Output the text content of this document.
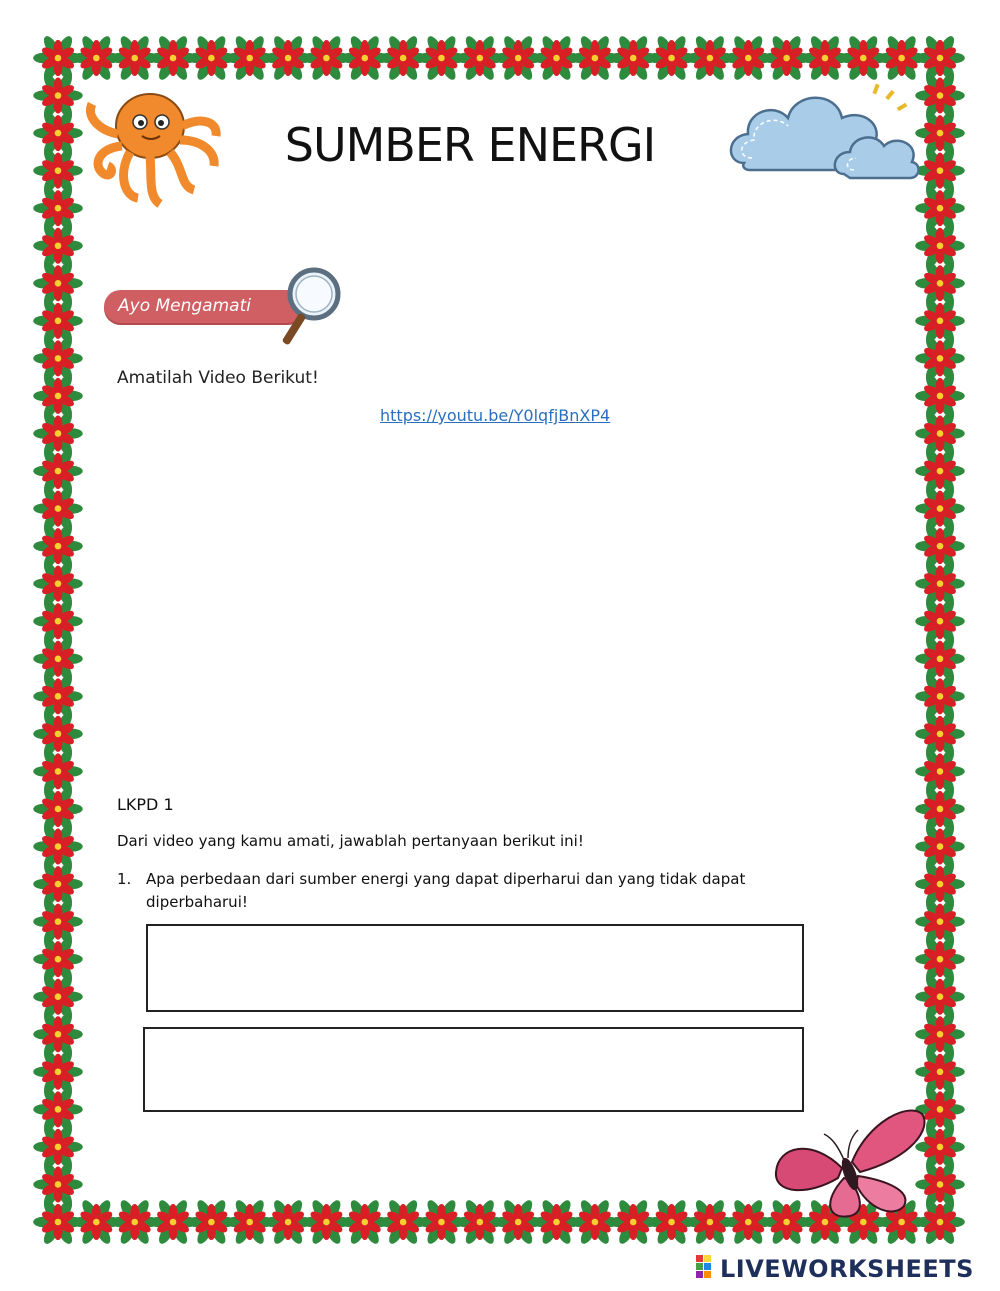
SUMBER ENERGI
Ayo Mengamati
Amatilah Video Berikut!
https://youtu.be/Y0lqfjBnXP4
LKPD 1
Dari video yang kamu amati, jawablah pertanyaan berikut ini!
1. Apa perbedaan dari sumber energi yang dapat diperharui dan yang tidak dapat diperbaharui!
LIVEWORKSHEETS
